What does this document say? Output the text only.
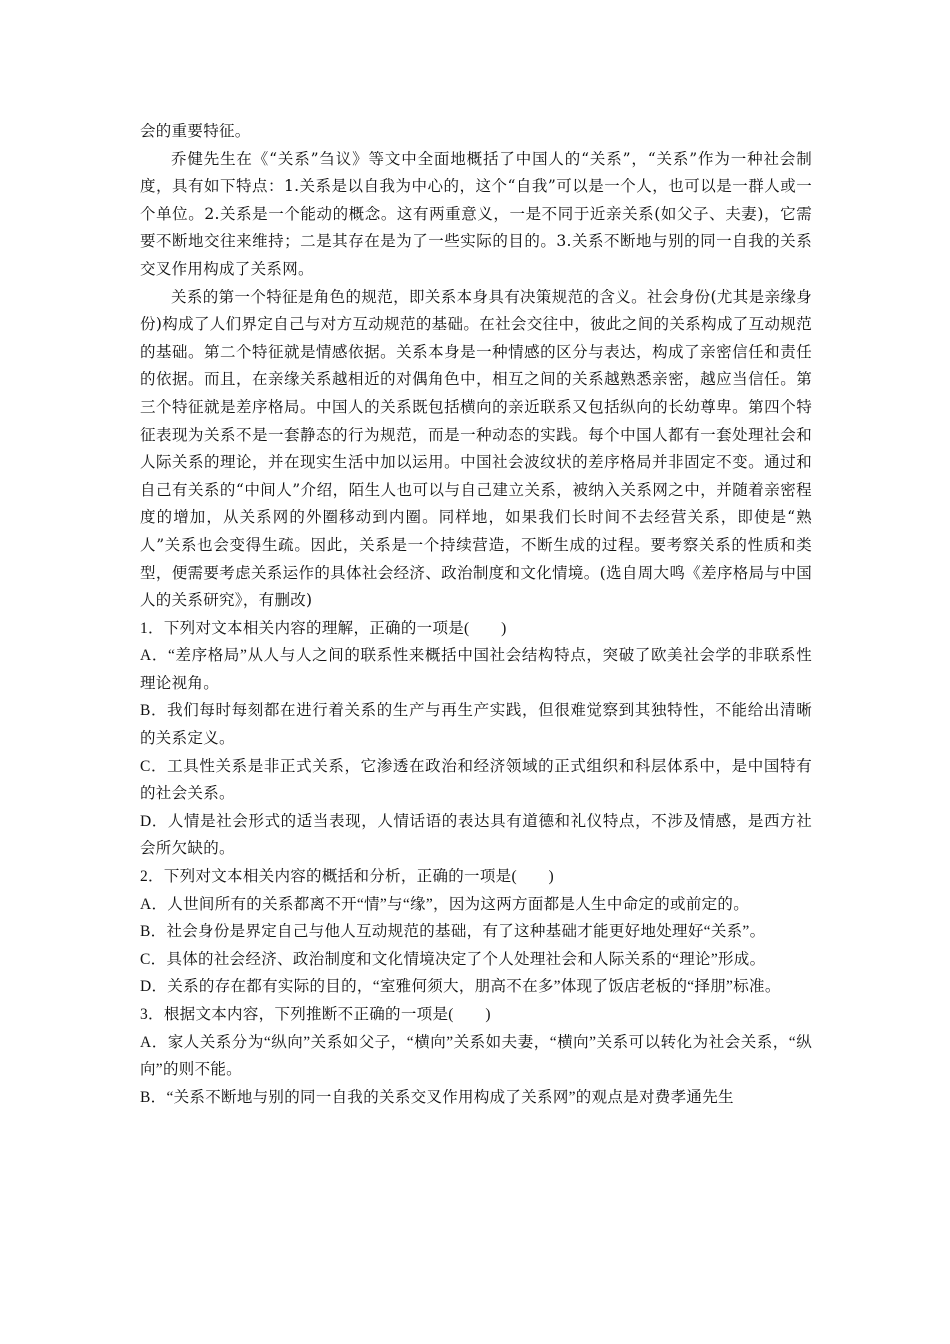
会的重要特征。

乔健先生在《“关系”刍议》等文中全面地概括了中国人的“关系”，“关系”作为一种社会制度，具有如下特点：1.关系是以自我为中心的，这个“自我”可以是一个人，也可以是一群人或一个单位。2.关系是一个能动的概念。这有两重意义，一是不同于近亲关系(如父子、夫妻)，它需要不断地交往来维持；二是其存在是为了一些实际的目的。3.关系不断地与别的同一自我的关系交叉作用构成了关系网。

关系的第一个特征是角色的规范，即关系本身具有决策规范的含义。社会身份(尤其是亲缘身份)构成了人们界定自己与对方互动规范的基础。在社会交往中，彼此之间的关系构成了互动规范的基础。第二个特征就是情感依据。关系本身是一种情感的区分与表达，构成了亲密信任和责任的依据。而且，在亲缘关系越相近的对偶角色中，相互之间的关系越熟悉亲密，越应当信任。第三个特征就是差序格局。中国人的关系既包括横向的亲近联系又包括纵向的长幼尊卑。第四个特征表现为关系不是一套静态的行为规范，而是一种动态的实践。每个中国人都有一套处理社会和人际关系的理论，并在现实生活中加以运用。中国社会波纹状的差序格局并非固定不变。通过和自己有关系的“中间人”介绍，陌生人也可以与自己建立关系，被纳入关系网之中，并随着亲密程度的增加，从关系网的外圈移动到内圈。同样地，如果我们长时间不去经营关系，即使是“熟人”关系也会变得生疏。因此，关系是一个持续营造，不断生成的过程。要考察关系的性质和类型，便需要考虑关系运作的具体社会经济、政治制度和文化情境。(选自周大鸣《差序格局与中国人的关系研究》，有删改)

1．下列对文本相关内容的理解，正确的一项是(　　)

A．“差序格局”从人与人之间的联系性来概括中国社会结构特点，突破了欧美社会学的非联系性理论视角。

B．我们每时每刻都在进行着关系的生产与再生产实践，但很难觉察到其独特性，不能给出清晰的关系定义。

C．工具性关系是非正式关系，它渗透在政治和经济领域的正式组织和科层体系中，是中国特有的社会关系。

D．人情是社会形式的适当表现，人情话语的表达具有道德和礼仪特点，不涉及情感，是西方社会所欠缺的。

2．下列对文本相关内容的概括和分析，正确的一项是(　　)

A．人世间所有的关系都离不开“情”与“缘”，因为这两方面都是人生中命定的或前定的。

B．社会身份是界定自己与他人互动规范的基础，有了这种基础才能更好地处理好“关系”。

C．具体的社会经济、政治制度和文化情境决定了个人处理社会和人际关系的“理论”形成。

D．关系的存在都有实际的目的，“室雅何须大，朋高不在多”体现了饭店老板的“择朋”标准。

3．根据文本内容，下列推断不正确的一项是(　　)

A．家人关系分为“纵向”关系如父子，“横向”关系如夫妻，“横向”关系可以转化为社会关系，“纵向”的则不能。

B．“关系不断地与别的同一自我的关系交叉作用构成了关系网”的观点是对费孝通先生
